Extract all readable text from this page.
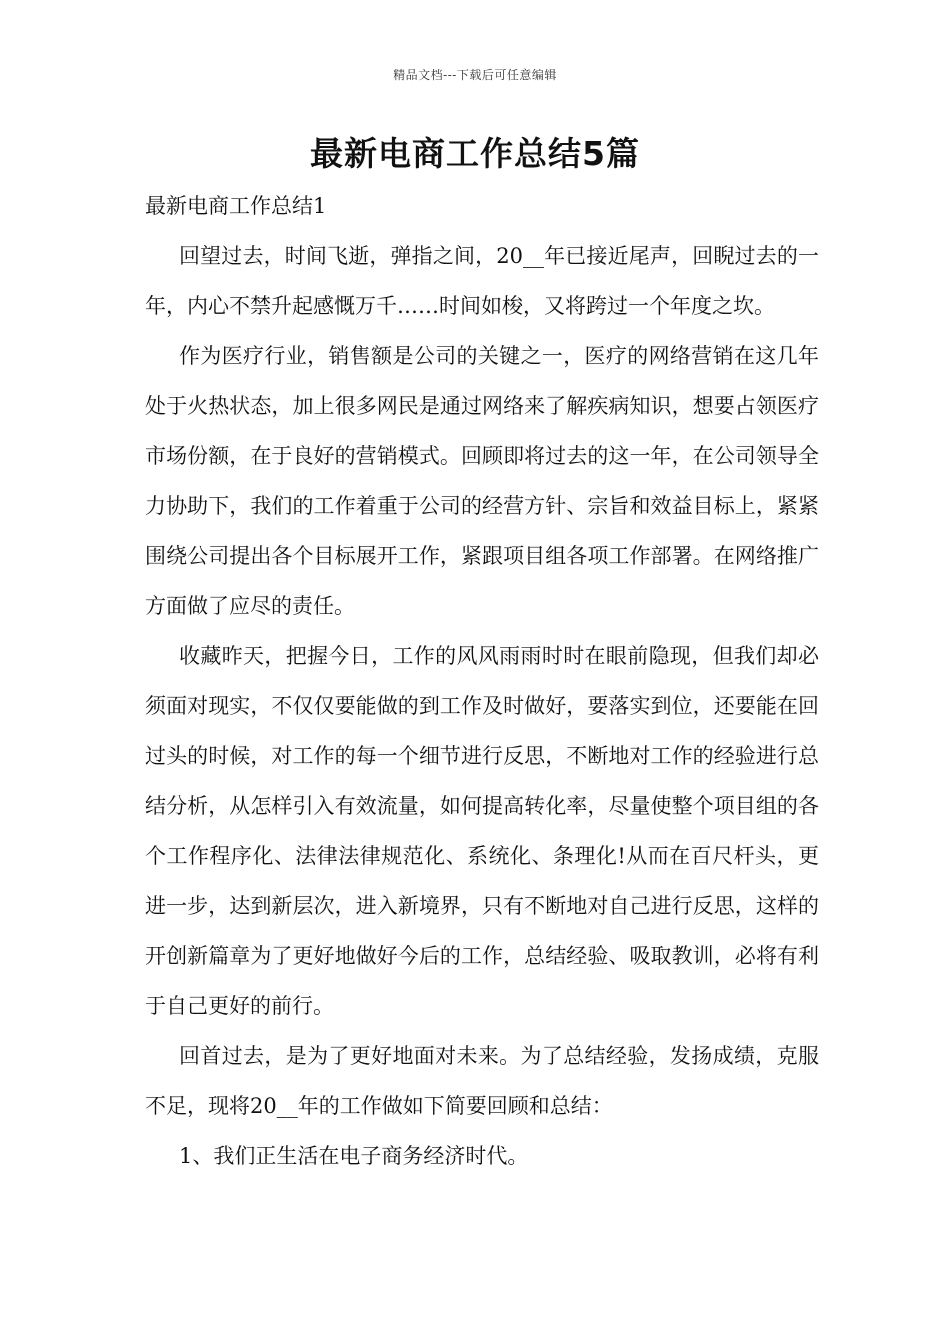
精品文档---下载后可任意编辑
最新电商工作总结5篇

最新电商工作总结1

回望过去，时间飞逝，弹指之间，20__年已接近尾声，回睨过去的一年，内心不禁升起感慨万千……时间如梭，又将跨过一个年度之坎。

作为医疗行业，销售额是公司的关键之一，医疗的网络营销在这几年处于火热状态，加上很多网民是通过网络来了解疾病知识，想要占领医疗市场份额，在于良好的营销模式。回顾即将过去的这一年，在公司领导全力协助下，我们的工作着重于公司的经营方针、宗旨和效益目标上，紧紧围绕公司提出各个目标展开工作，紧跟项目组各项工作部署。在网络推广方面做了应尽的责任。

收藏昨天，把握今日，工作的风风雨雨时时在眼前隐现，但我们却必须面对现实，不仅仅要能做的到工作及时做好，要落实到位，还要能在回过头的时候，对工作的每一个细节进行反思，不断地对工作的经验进行总结分析，从怎样引入有效流量，如何提高转化率，尽量使整个项目组的各个工作程序化、法律法律规范化、系统化、条理化!从而在百尺杆头，更进一步，达到新层次，进入新境界，只有不断地对自己进行反思，这样的开创新篇章为了更好地做好今后的工作，总结经验、吸取教训，必将有利于自己更好的前行。

回首过去，是为了更好地面对未来。为了总结经验，发扬成绩，克服不足，现将20__年的工作做如下简要回顾和总结：

1、我们正生活在电子商务经济时代。
